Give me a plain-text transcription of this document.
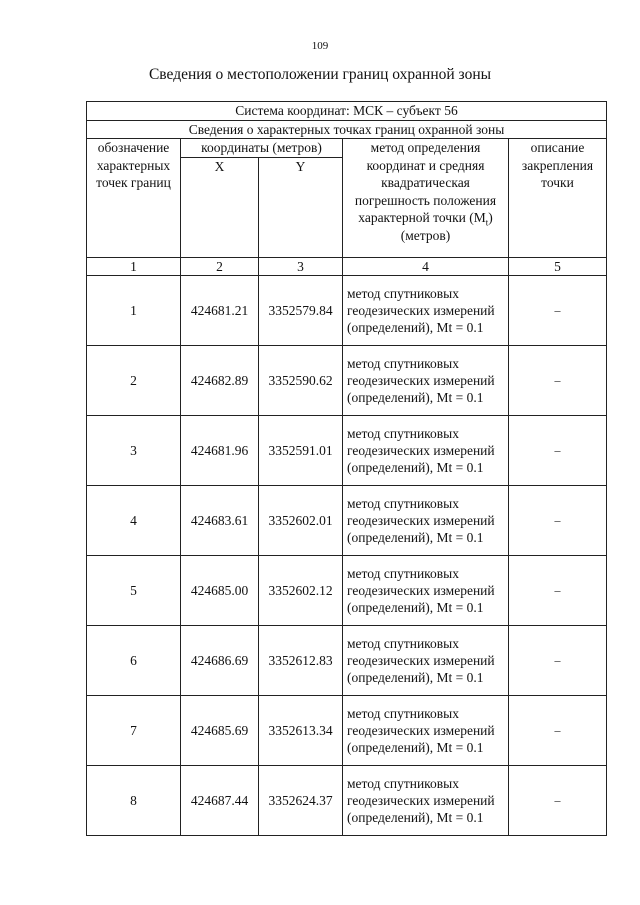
109
Сведения о местоположении границ охранной зоны
Система координат: МСК – субъект 56				
Сведения о характерных точках границ охранной зоны				
обозначение характерных точек границ	координаты (метров)		метод определения координат и средняя квадратическая погрешность положения характерной точки $(M_t)$ (метров)	описание закрепления точки
	X	Y		
1	2	3	4	5
1	424681.21	3352579.84	метод спутниковых геодезических измерений (определений), Mt = 0.1	–
2	424682.89	3352590.62	метод спутниковых геодезических измерений (определений), Mt = 0.1	–
3	424681.96	3352591.01	метод спутниковых геодезических измерений (определений), Mt = 0.1	–
4	424683.61	3352602.01	метод спутниковых геодезических измерений (определений), Mt = 0.1	–
5	424685.00	3352602.12	метод спутниковых геодезических измерений (определений), Mt = 0.1	–
6	424686.69	3352612.83	метод спутниковых геодезических измерений (определений), Mt = 0.1	–
7	424685.69	3352613.34	метод спутниковых геодезических измерений (определений), Mt = 0.1	–
8	424687.44	3352624.37	метод спутниковых геодезических измерений (определений), Mt = 0.1	–
